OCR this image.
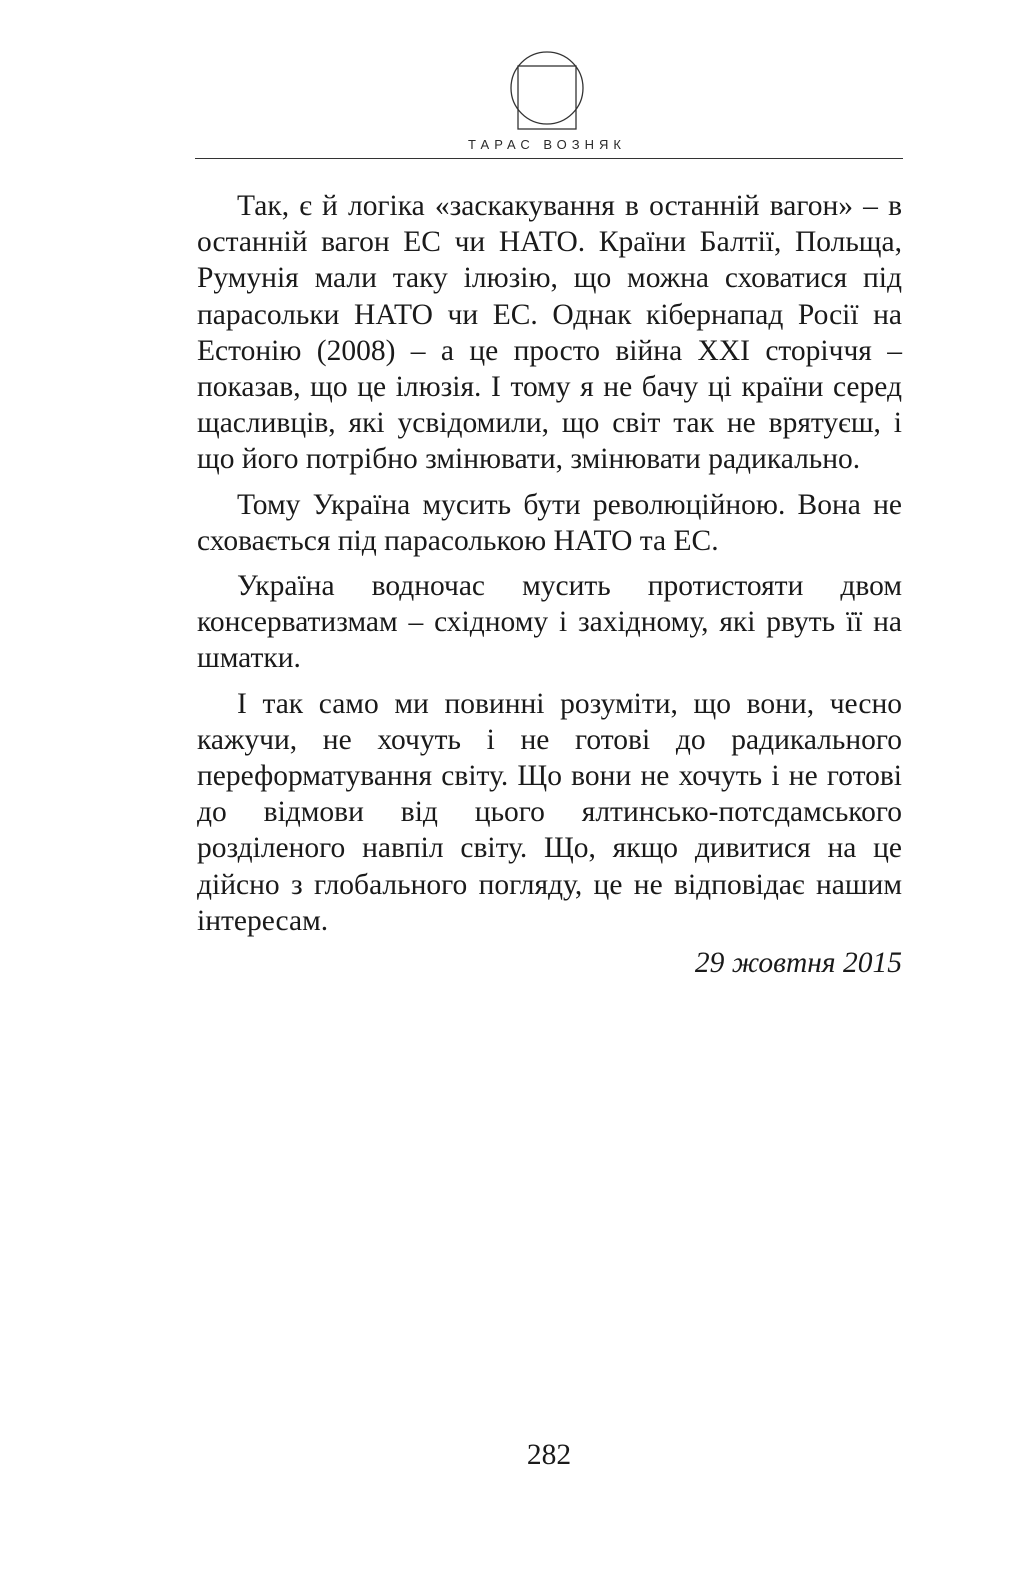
ТАРАС ВОЗНЯК

Так, є й логіка «заскакування в останній вагон» – в останній вагон ЕС чи НАТО. Країни Балтії, Польща, Румунія мали таку ілюзію, що можна сховатися під парасольки НАТО чи ЕС. Однак кібернапад Росії на Естонію (2008) – а це просто війна ХХІ сторіччя – показав, що це ілюзія. І тому я не бачу ці країни серед щасливців, які усвідомили, що світ так не врятуєш, і що його потрібно змінювати, змінювати радикально.

Тому Україна мусить бути революційною. Вона не сховається під парасолькою НАТО та ЕС.

Україна водночас мусить протистояти двом консерватизмам – східному і західному, які рвуть її на шматки.

І так само ми повинні розуміти, що вони, чесно кажучи, не хочуть і не готові до радикального переформатування світу. Що вони не хочуть і не готові до відмови від цього ялтинсько-потсдамського розділеного навпіл світу. Що, якщо дивитися на це дійсно з глобального погляду, це не відповідає нашим інтересам.

29 жовтня 2015
282
